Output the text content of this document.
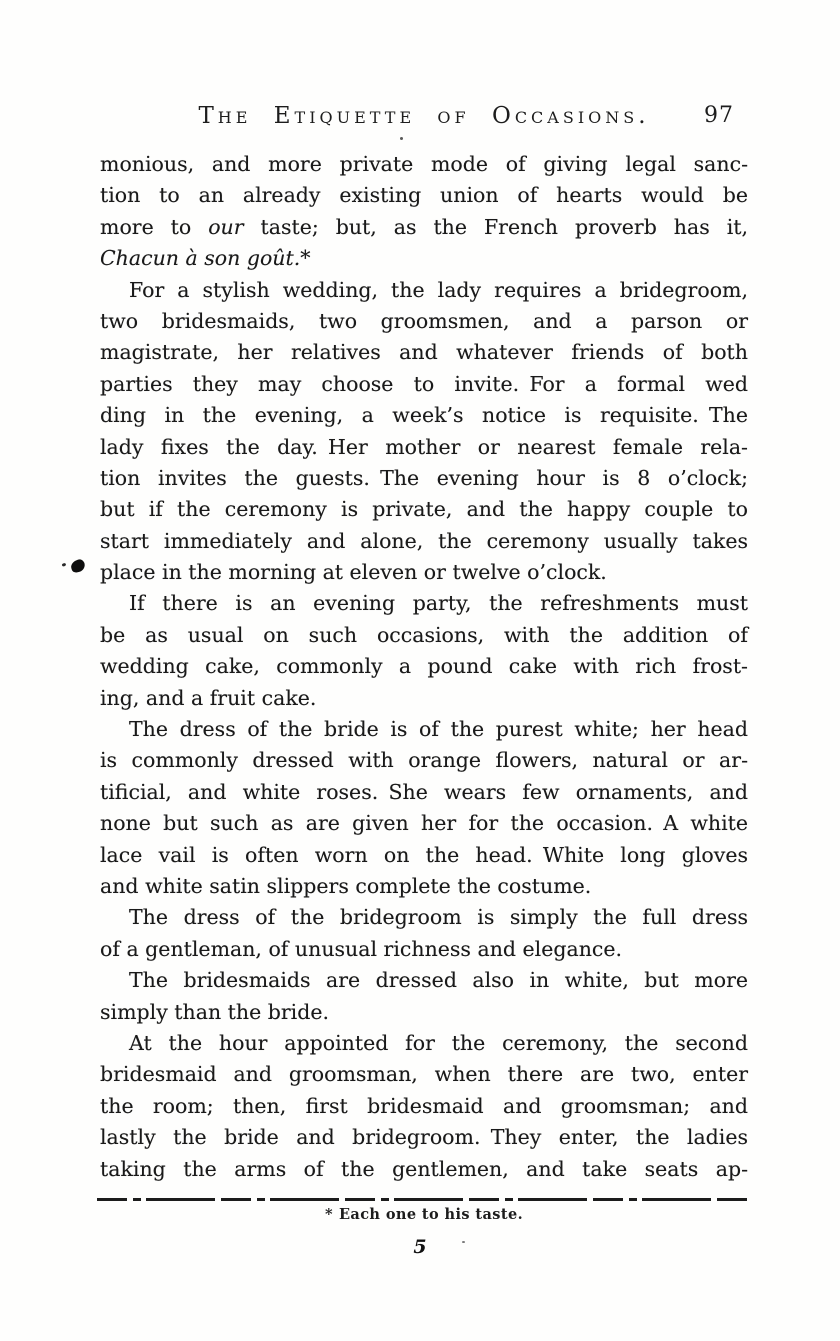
The Etiquette of Occasions.	97
monious, and more private mode of giving legal sanc-
tion to an already existing union of hearts would be
more to our taste; but, as the French proverb has it,
Chacun à son goût.*
For a stylish wedding, the lady requires a bridegroom,
two bridesmaids, two groomsmen, and a parson or
magistrate, her relatives and whatever friends of both
parties they may choose to invite. For a formal wed
ding in the evening, a week’s notice is requisite. The
lady fixes the day. Her mother or nearest female rela-
tion invites the guests. The evening hour is 8 o’clock;
but if the ceremony is private, and the happy couple to
start immediately and alone, the ceremony usually takes
place in the morning at eleven or twelve o’clock.
If there is an evening party, the refreshments must
be as usual on such occasions, with the addition of
wedding cake, commonly a pound cake with rich frost-
ing, and a fruit cake.
The dress of the bride is of the purest white; her head
is commonly dressed with orange flowers, natural or ar-
tificial, and white roses. She wears few ornaments, and
none but such as are given her for the occasion. A white
lace vail is often worn on the head. White long gloves
and white satin slippers complete the costume.
The dress of the bridegroom is simply the full dress
of a gentleman, of unusual richness and elegance.
The bridesmaids are dressed also in white, but more
simply than the bride.
At the hour appointed for the ceremony, the second
bridesmaid and groomsman, when there are two, enter
the room; then, first bridesmaid and groomsman; and
lastly the bride and bridegroom. They enter, the ladies
taking the arms of the gentlemen, and take seats ap-
* Each one to his taste.
5
